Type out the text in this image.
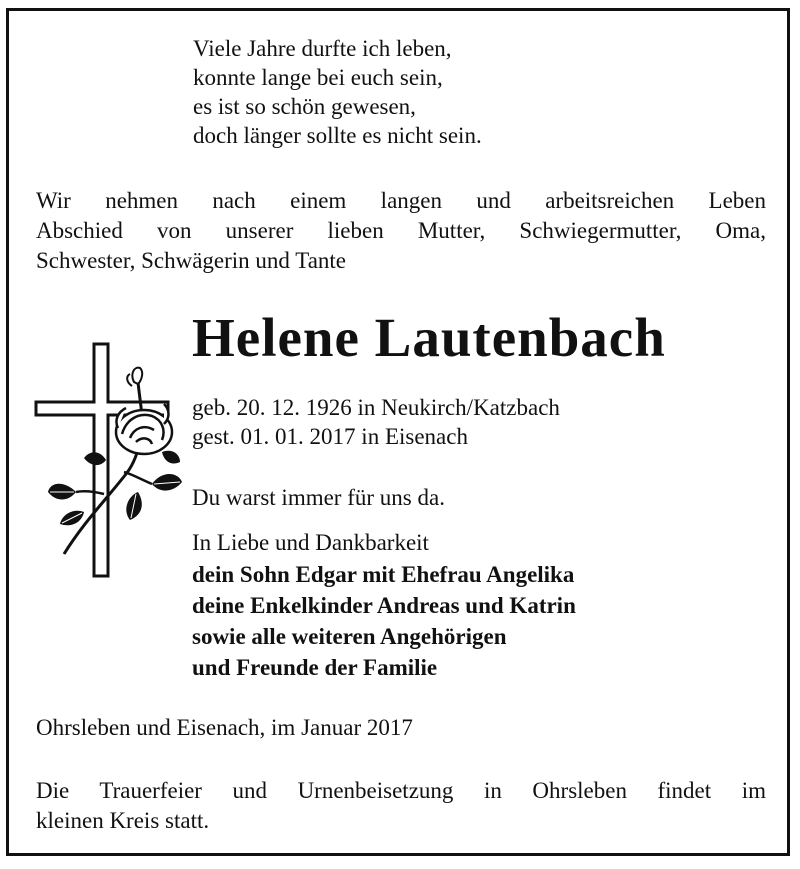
Viele Jahre durfte ich leben,
konnte lange bei euch sein,
es ist so schön gewesen,
doch länger sollte es nicht sein.
Wir nehmen nach einem langen und arbeitsreichen Leben
Abschied von unserer lieben Mutter, Schwiegermutter, Oma,
Schwester, Schwägerin und Tante
Helene Lautenbach
geb. 20. 12. 1926 in Neukirch/Katzbach
gest. 01. 01. 2017 in Eisenach
Du warst immer für uns da.
In Liebe und Dankbarkeit
dein Sohn Edgar mit Ehefrau Angelika
deine Enkelkinder Andreas und Katrin
sowie alle weiteren Angehörigen
und Freunde der Familie
Ohrsleben und Eisenach, im Januar 2017
Die Trauerfeier und Urnenbeisetzung in Ohrsleben findet im
kleinen Kreis statt.
